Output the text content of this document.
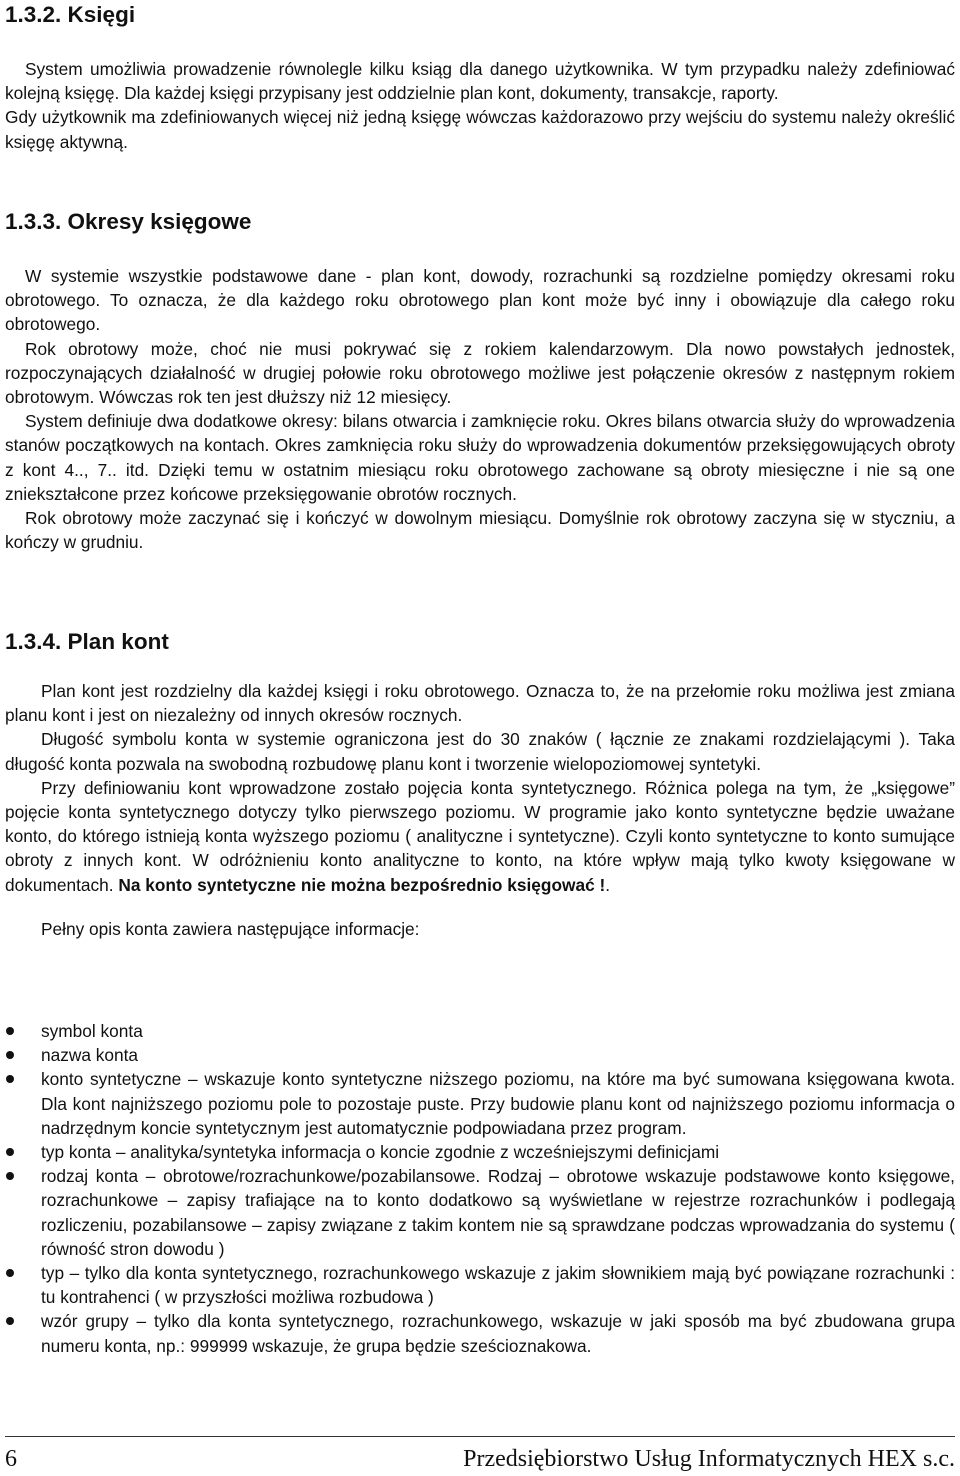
1.3.2. Księgi

System umożliwia prowadzenie równolegle kilku ksiąg dla danego użytkownika. W tym przypadku należy zdefiniować kolejną księgę. Dla każdej księgi przypisany jest oddzielnie plan kont, dokumenty, transakcje, raporty.

Gdy użytkownik ma zdefiniowanych więcej niż jedną księgę wówczas każdorazowo przy wejściu do systemu należy określić księgę aktywną.

1.3.3. Okresy księgowe

W systemie wszystkie podstawowe dane - plan kont, dowody, rozrachunki są rozdzielne pomiędzy okresami roku obrotowego. To oznacza, że dla każdego roku obrotowego plan kont może być inny i obowiązuje dla całego roku obrotowego.

Rok obrotowy może, choć nie musi pokrywać się z rokiem kalendarzowym. Dla nowo powstałych jednostek, rozpoczynających działalność w drugiej połowie roku obrotowego możliwe jest połączenie okresów z następnym rokiem obrotowym. Wówczas rok ten jest dłuższy niż 12 miesięcy.

System definiuje dwa dodatkowe okresy: bilans otwarcia i zamknięcie roku. Okres bilans otwarcia służy do wprowadzenia stanów początkowych na kontach. Okres zamknięcia roku służy do wprowadzenia dokumentów przeksięgowujących obroty z kont 4.., 7.. itd. Dzięki temu w ostatnim miesiącu roku obrotowego zachowane są obroty miesięczne i nie są one zniekształcone przez końcowe przeksięgowanie obrotów rocznych.

Rok obrotowy może zaczynać się i kończyć w dowolnym miesiącu. Domyślnie rok obrotowy zaczyna się w styczniu, a kończy w grudniu.

1.3.4. Plan kont

Plan kont jest rozdzielny dla każdej księgi i roku obrotowego. Oznacza to, że na przełomie roku możliwa jest zmiana planu kont i jest on niezależny od innych okresów rocznych.

Długość symbolu konta w systemie ograniczona jest do 30 znaków ( łącznie ze znakami rozdzielającymi ). Taka długość konta pozwala na swobodną rozbudowę planu kont i tworzenie wielopoziomowej syntetyki.

Przy definiowaniu kont wprowadzone zostało pojęcia konta syntetycznego. Różnica polega na tym, że „księgowe” pojęcie konta syntetycznego dotyczy tylko pierwszego poziomu. W programie jako konto syntetyczne będzie uważane konto, do którego istnieją konta wyższego poziomu ( analityczne i syntetyczne). Czyli konto syntetyczne to konto sumujące obroty z innych kont. W odróżnieniu konto analityczne to konto, na które wpływ mają tylko kwoty księgowane w dokumentach. Na konto syntetyczne nie można bezpośrednio księgować !.

Pełny opis konta zawiera następujące informacje:

symbol konta
nazwa konta
konto syntetyczne – wskazuje konto syntetyczne niższego poziomu, na które ma być sumowana księgowana kwota. Dla kont najniższego poziomu pole to pozostaje puste. Przy budowie planu kont od najniższego poziomu informacja o nadrzędnym koncie syntetycznym jest automatycznie podpowiadana przez program.
typ konta – analityka/syntetyka informacja o koncie zgodnie z wcześniejszymi definicjami
rodzaj konta – obrotowe/rozrachunkowe/pozabilansowe. Rodzaj – obrotowe wskazuje podstawowe konto księgowe, rozrachunkowe – zapisy trafiające na to konto dodatkowo są wyświetlane w rejestrze rozrachunków i podlegają rozliczeniu, pozabilansowe – zapisy związane z takim kontem nie są sprawdzane podczas wprowadzania do systemu ( równość stron dowodu )
typ – tylko dla konta syntetycznego, rozrachunkowego wskazuje z jakim słownikiem mają być powiązane rozrachunki : tu kontrahenci ( w przyszłości możliwa rozbudowa )
wzór grupy – tylko dla konta syntetycznego, rozrachunkowego, wskazuje w jaki sposób ma być zbudowana grupa numeru konta, np.: 999999 wskazuje, że grupa będzie sześcioznakowa.
6	Przedsiębiorstwo Usług Informatycznych HEX s.c.
